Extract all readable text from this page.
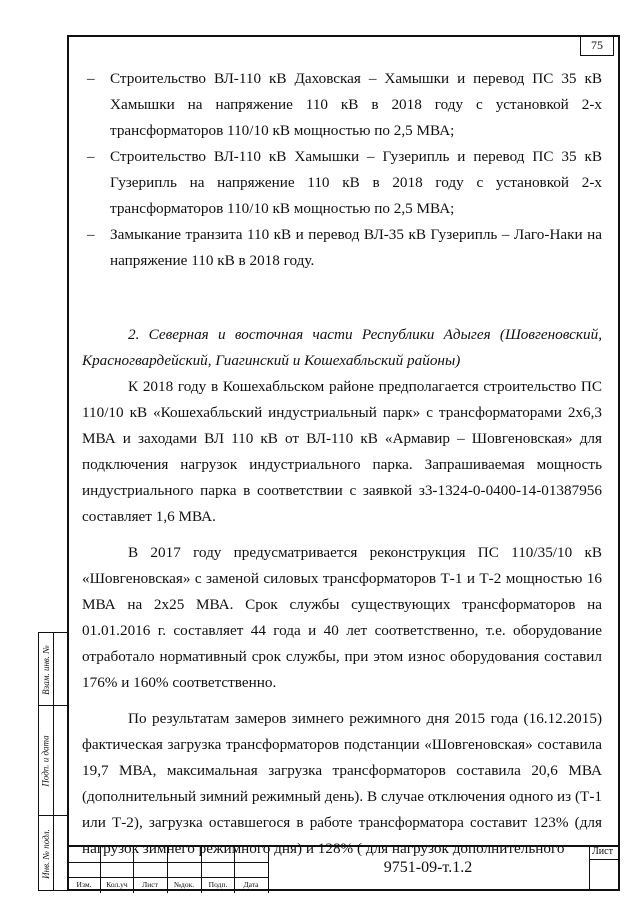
75
– Строительство ВЛ-110 кВ Даховская – Хамышки и перевод ПС 35 кВ Хамышки на напряжение 110 кВ в 2018 году с установкой 2-х трансформаторов 110/10 кВ мощностью по 2,5 МВА;
– Строительство ВЛ-110 кВ Хамышки – Гузерипль и перевод ПС 35 кВ Гузерипль на напряжение 110 кВ в 2018 году с установкой 2-х трансформаторов 110/10 кВ мощностью по 2,5 МВА;
– Замыкание транзита 110 кВ и перевод ВЛ-35 кВ Гузерипль – Лаго-Наки на напряжение 110 кВ в 2018 году.

2. Северная и восточная части Республики Адыгея (Шовгеновский, Красногвардейский, Гиагинский и Кошехабльский районы)

К 2018 году в Кошехабльском районе предполагается строительство ПС 110/10 кВ «Кошехабльский индустриальный парк» с трансформаторами 2х6,3 МВА и заходами ВЛ 110 кВ от ВЛ-110 кВ «Армавир – Шовгеновская» для подключения нагрузок индустриального парка. Запрашиваемая мощность индустриального парка в соответствии с заявкой з3-1324-0-0400-14-01387956 составляет 1,6 МВА.

В 2017 году предусматривается реконструкция ПС 110/35/10 кВ «Шовгеновская» с заменой силовых трансформаторов Т-1 и Т-2 мощностью 16 МВА на 2х25 МВА. Срок службы существующих трансформаторов на 01.01.2016 г. составляет 44 года и 40 лет соответственно, т.е. оборудование отработало нормативный срок службы, при этом износ оборудования составил 176% и 160% соответственно.

По результатам замеров зимнего режимного дня 2015 года (16.12.2015) фактическая загрузка трансформаторов подстанции «Шовгеновская» составила 19,7 МВА, максимальная загрузка трансформаторов составила 20,6 МВА (дополнительный зимний режимный день). В случае отключения одного из (Т-1 или Т-2), загрузка оставшегося в работе трансформатора составит 123% (для нагрузок зимнего режимного дня) и 128% ( для нагрузок дополнительного

Взам. инв. №
Подп. и дата
Инв. № подл.
Изм.	Кол.уч	Лист	№док.	Подп.	Дата
9751-09-т.1.2
Лист
